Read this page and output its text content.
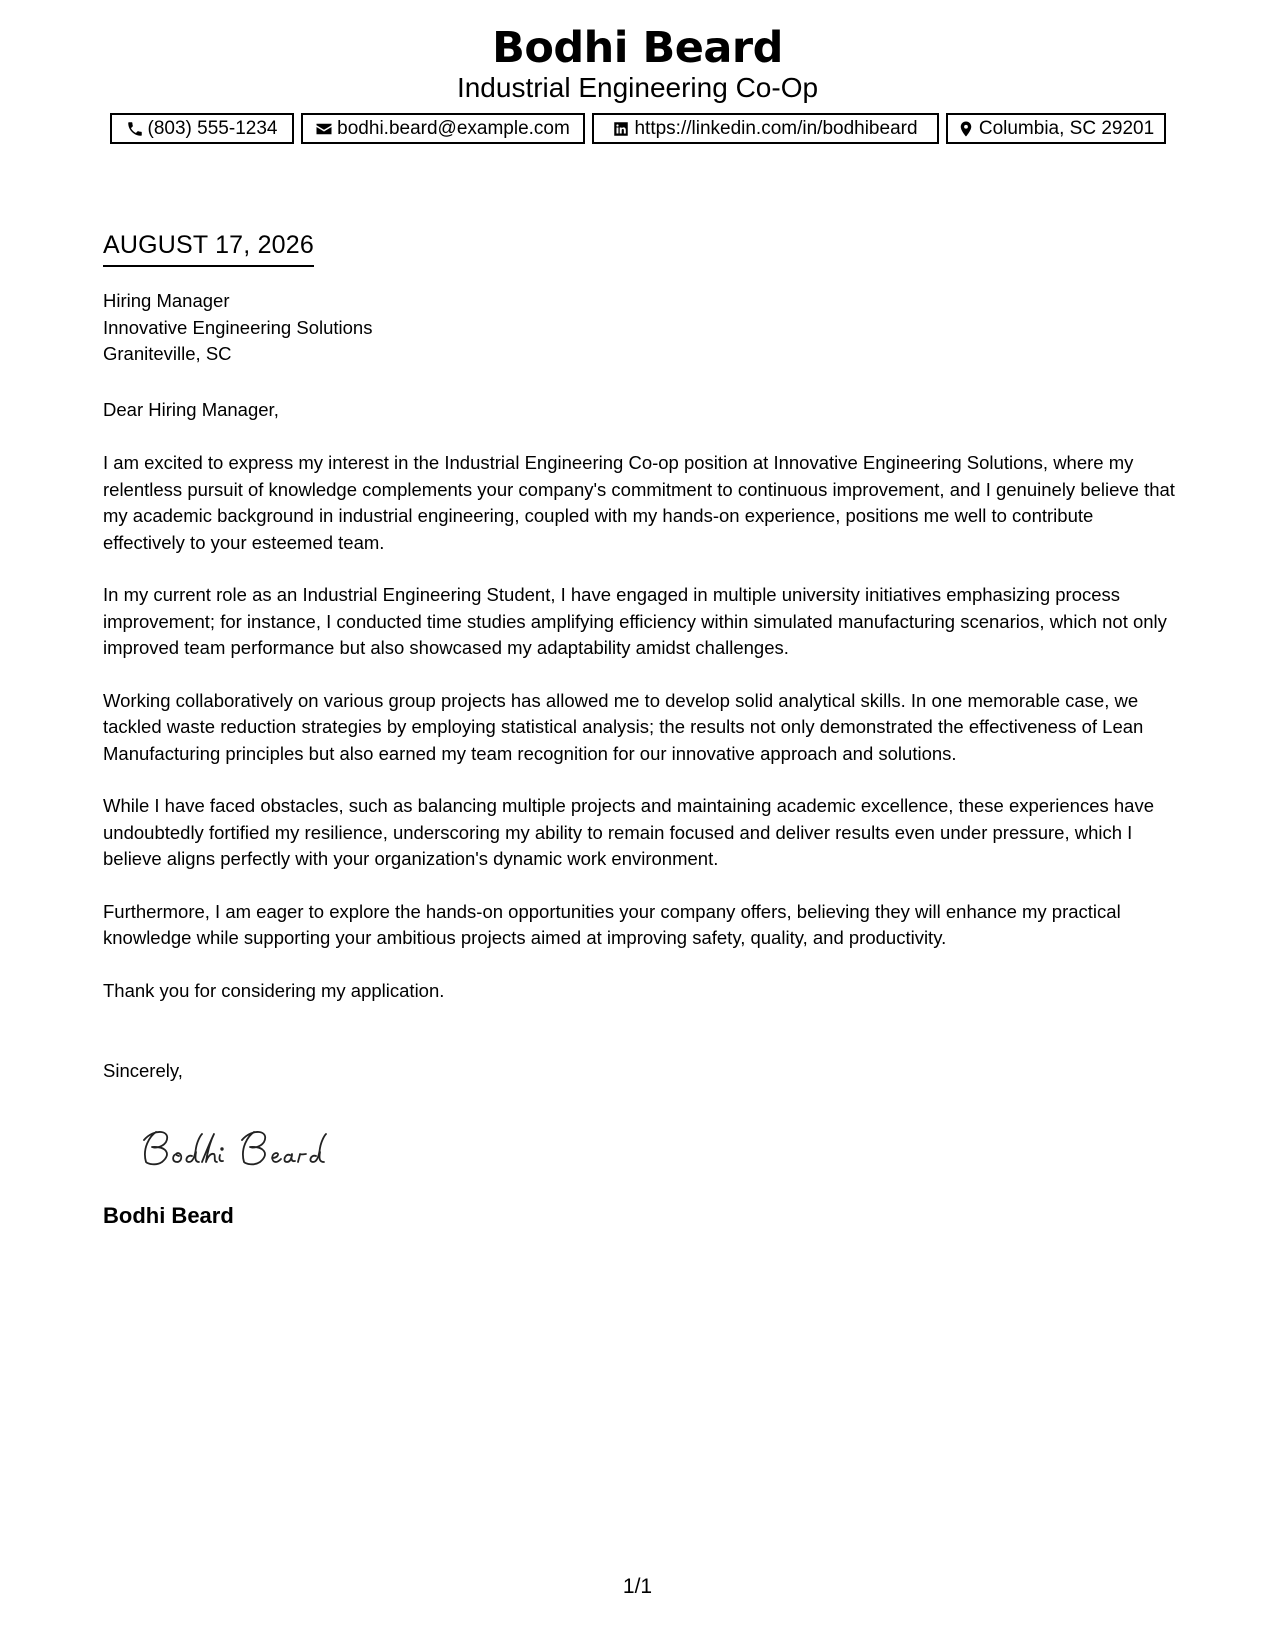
Bodhi Beard
Industrial Engineering Co-Op
(803) 555-1234	bodhi.beard@example.com	https://linkedin.com/in/bodhibeard	Columbia, SC 29201
AUGUST 17, 2026
Hiring Manager
Innovative Engineering Solutions
Graniteville, SC
Dear Hiring Manager,

I am excited to express my interest in the Industrial Engineering Co-op position at Innovative Engineering Solutions, where my relentless pursuit of knowledge complements your company's commitment to continuous improvement, and I genuinely believe that my academic background in industrial engineering, coupled with my hands-on experience, positions me well to contribute effectively to your esteemed team.

In my current role as an Industrial Engineering Student, I have engaged in multiple university initiatives emphasizing process improvement; for instance, I conducted time studies amplifying efficiency within simulated manufacturing scenarios, which not only improved team performance but also showcased my adaptability amidst challenges.

Working collaboratively on various group projects has allowed me to develop solid analytical skills. In one memorable case, we tackled waste reduction strategies by employing statistical analysis; the results not only demonstrated the effectiveness of Lean Manufacturing principles but also earned my team recognition for our innovative approach and solutions.

While I have faced obstacles, such as balancing multiple projects and maintaining academic excellence, these experiences have undoubtedly fortified my resilience, underscoring my ability to remain focused and deliver results even under pressure, which I believe aligns perfectly with your organization's dynamic work environment.

Furthermore, I am eager to explore the hands-on opportunities your company offers, believing they will enhance my practical knowledge while supporting your ambitious projects aimed at improving safety, quality, and productivity.

Thank you for considering my application.

Sincerely,
Bodhi Beard
1/1
